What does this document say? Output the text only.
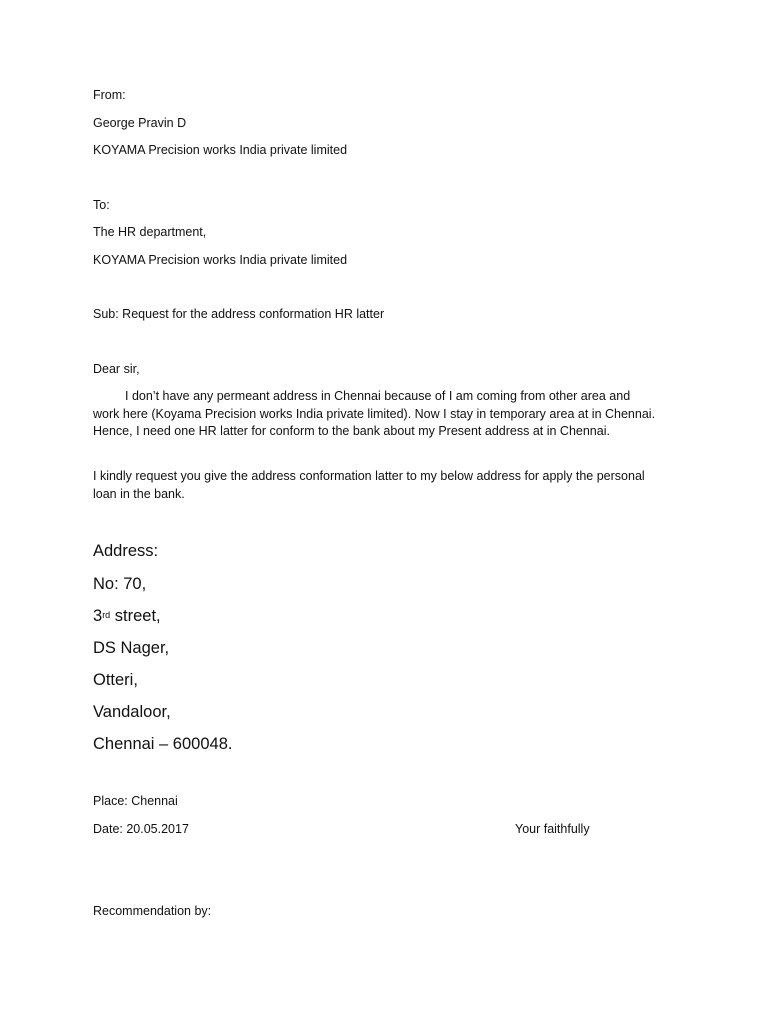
From:
George Pravin D
KOYAMA Precision works India private limited
To:
The HR department,
KOYAMA Precision works India private limited
Sub: Request for the address conformation HR latter
Dear sir,
I don’t have any permeant address in Chennai because of I am coming from other area and work here (Koyama Precision works India private limited). Now I stay in temporary area at in Chennai. Hence, I need one HR latter for conform to the bank about my Present address at in Chennai.
I kindly request you give the address conformation latter to my below address for apply the personal loan in the bank.
Address:
No: 70,
3rd street,
DS Nager,
Otteri,
Vandaloor,
Chennai – 600048.
Place: Chennai
Date: 20.05.2017	Your faithfully
Recommendation by:
